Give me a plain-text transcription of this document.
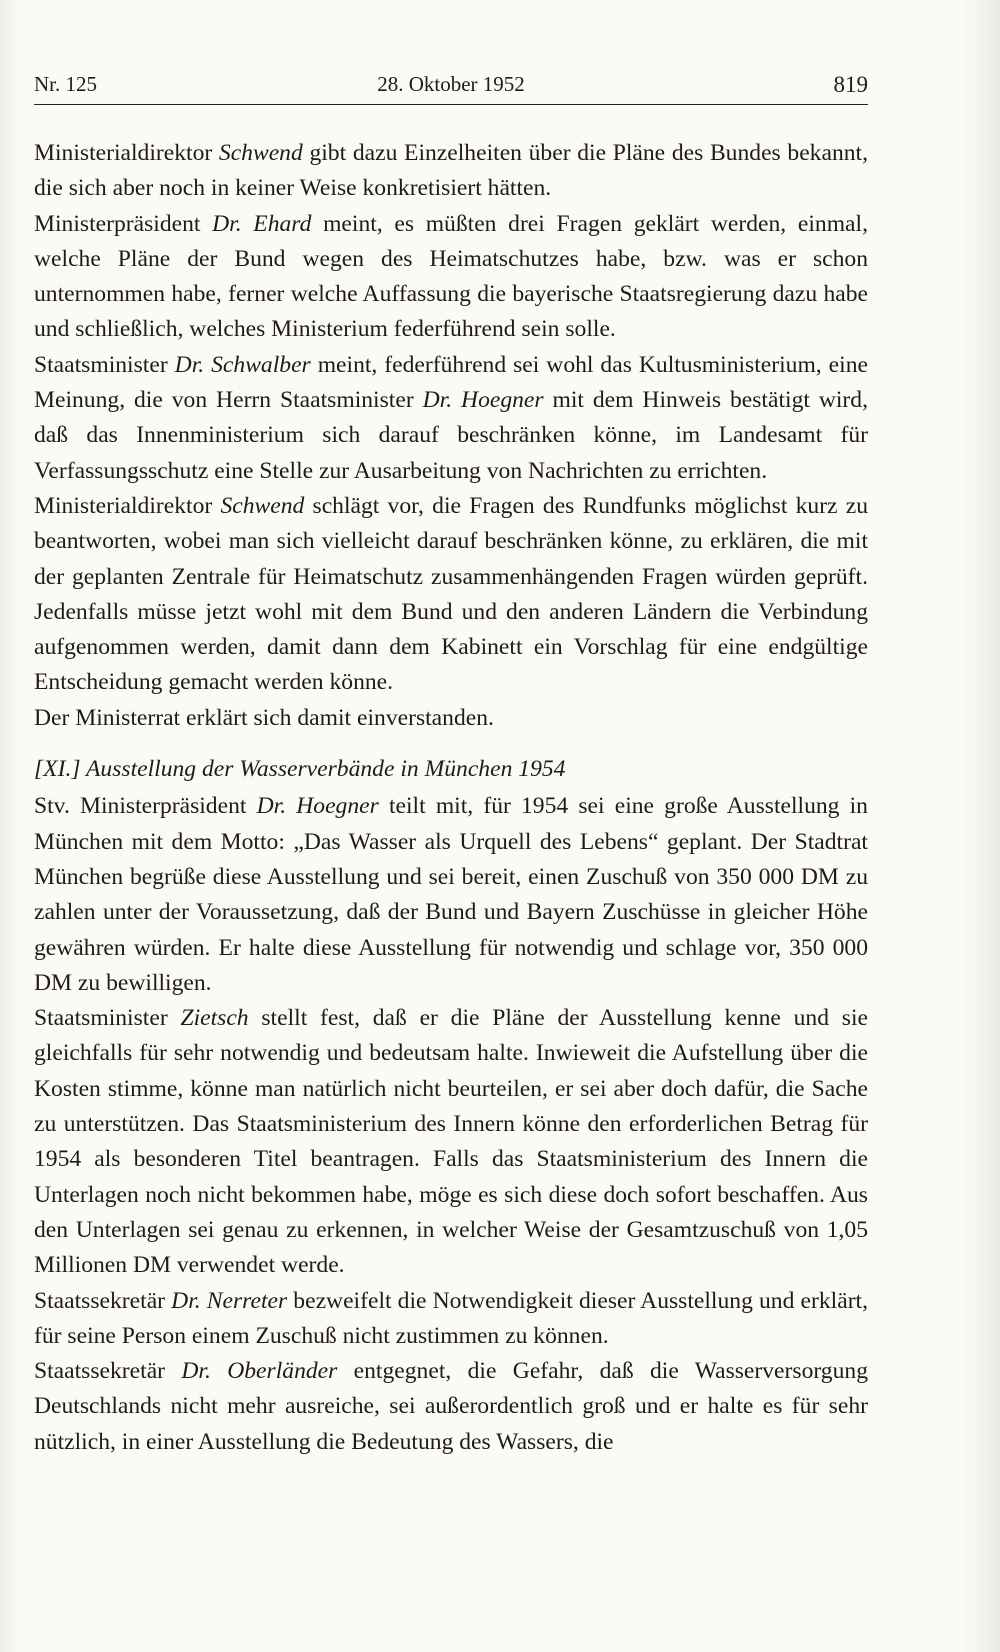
Nr. 125	28. Oktober 1952	819

Ministerialdirektor Schwend gibt dazu Einzelheiten über die Pläne des Bundes bekannt, die sich aber noch in keiner Weise konkretisiert hätten.

Ministerpräsident Dr. Ehard meint, es müßten drei Fragen geklärt werden, einmal, welche Pläne der Bund wegen des Heimatschutzes habe, bzw. was er schon unternommen habe, ferner welche Auffassung die bayerische Staatsregierung dazu habe und schließlich, welches Ministerium federführend sein solle.

Staatsminister Dr. Schwalber meint, federführend sei wohl das Kultusministerium, eine Meinung, die von Herrn Staatsminister Dr. Hoegner mit dem Hinweis bestätigt wird, daß das Innenministerium sich darauf beschränken könne, im Landesamt für Verfassungsschutz eine Stelle zur Ausarbeitung von Nachrichten zu errichten.

Ministerialdirektor Schwend schlägt vor, die Fragen des Rundfunks möglichst kurz zu beantworten, wobei man sich vielleicht darauf beschränken könne, zu erklären, die mit der geplanten Zentrale für Heimatschutz zusammenhängenden Fragen würden geprüft. Jedenfalls müsse jetzt wohl mit dem Bund und den anderen Ländern die Verbindung aufgenommen werden, damit dann dem Kabinett ein Vorschlag für eine endgültige Entscheidung gemacht werden könne.

Der Ministerrat erklärt sich damit einverstanden.

[XI.] Ausstellung der Wasserverbände in München 1954

Stv. Ministerpräsident Dr. Hoegner teilt mit, für 1954 sei eine große Ausstellung in München mit dem Motto: „Das Wasser als Urquell des Lebens“ geplant. Der Stadtrat München begrüße diese Ausstellung und sei bereit, einen Zuschuß von 350 000 DM zu zahlen unter der Voraussetzung, daß der Bund und Bayern Zuschüsse in gleicher Höhe gewähren würden. Er halte diese Ausstellung für notwendig und schlage vor, 350 000 DM zu bewilligen.

Staatsminister Zietsch stellt fest, daß er die Pläne der Ausstellung kenne und sie gleichfalls für sehr notwendig und bedeutsam halte. Inwieweit die Aufstellung über die Kosten stimme, könne man natürlich nicht beurteilen, er sei aber doch dafür, die Sache zu unterstützen. Das Staatsministerium des Innern könne den erforderlichen Betrag für 1954 als besonderen Titel beantragen. Falls das Staatsministerium des Innern die Unterlagen noch nicht bekommen habe, möge es sich diese doch sofort beschaffen. Aus den Unterlagen sei genau zu erkennen, in welcher Weise der Gesamtzuschuß von 1,05 Millionen DM verwendet werde.

Staatssekretär Dr. Nerreter bezweifelt die Notwendigkeit dieser Ausstellung und erklärt, für seine Person einem Zuschuß nicht zustimmen zu können.

Staatssekretär Dr. Oberländer entgegnet, die Gefahr, daß die Wasserversorgung Deutschlands nicht mehr ausreiche, sei außerordentlich groß und er halte es für sehr nützlich, in einer Ausstellung die Bedeutung des Wassers, die
